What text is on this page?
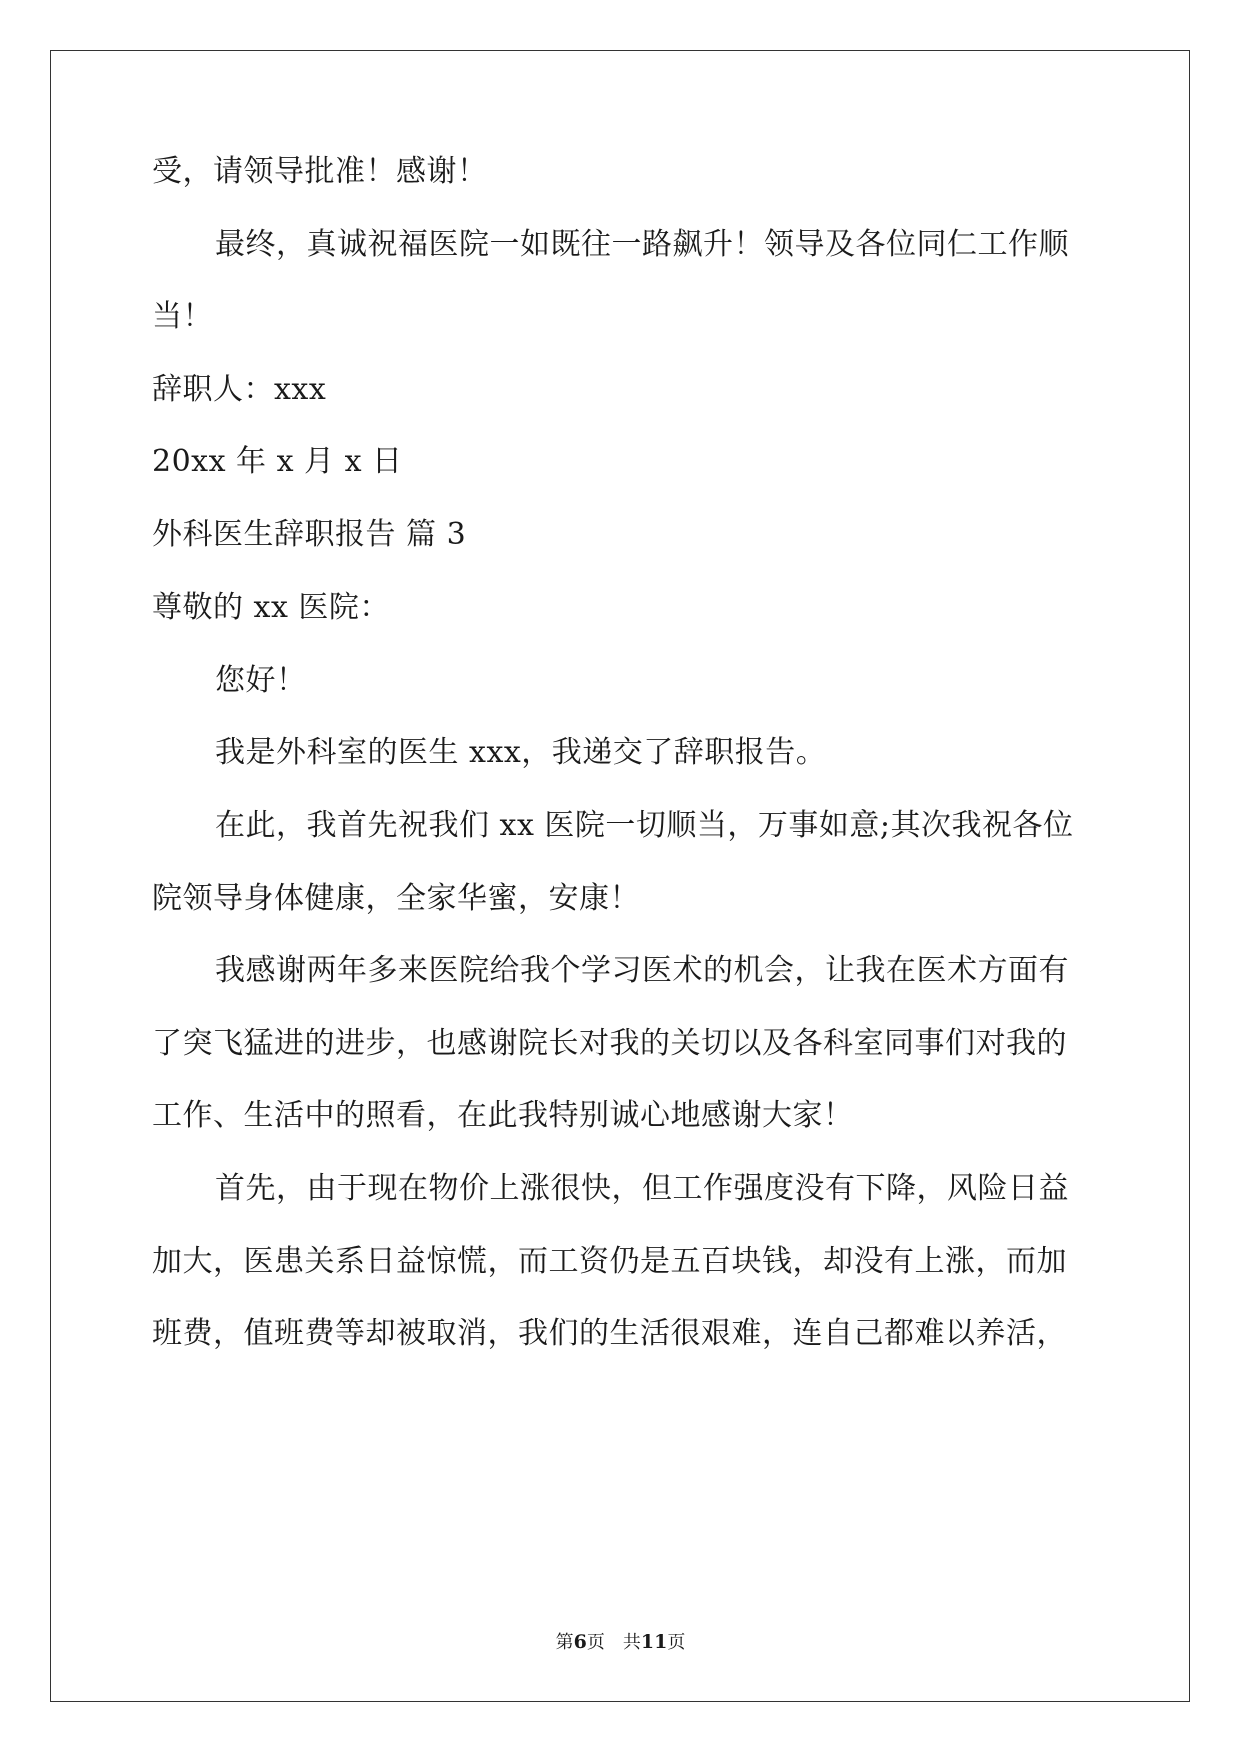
受，请领导批准！感谢！
最终，真诚祝福医院一如既往一路飙升！领导及各位同仁工作顺
当！
辞职人：xxx
20xx 年 x 月 x 日
外科医生辞职报告 篇 3
尊敬的 xx 医院：
您好！
我是外科室的医生 xxx，我递交了辞职报告。
在此，我首先祝我们 xx 医院一切顺当，万事如意;其次我祝各位
院领导身体健康，全家华蜜，安康！
我感谢两年多来医院给我个学习医术的机会，让我在医术方面有
了突飞猛进的进步，也感谢院长对我的关切以及各科室同事们对我的
工作、生活中的照看，在此我特别诚心地感谢大家！
首先，由于现在物价上涨很快，但工作强度没有下降，风险日益
加大，医患关系日益惊慌，而工资仍是五百块钱，却没有上涨，而加
班费，值班费等却被取消，我们的生活很艰难，连自己都难以养活，
第6页 共11页
